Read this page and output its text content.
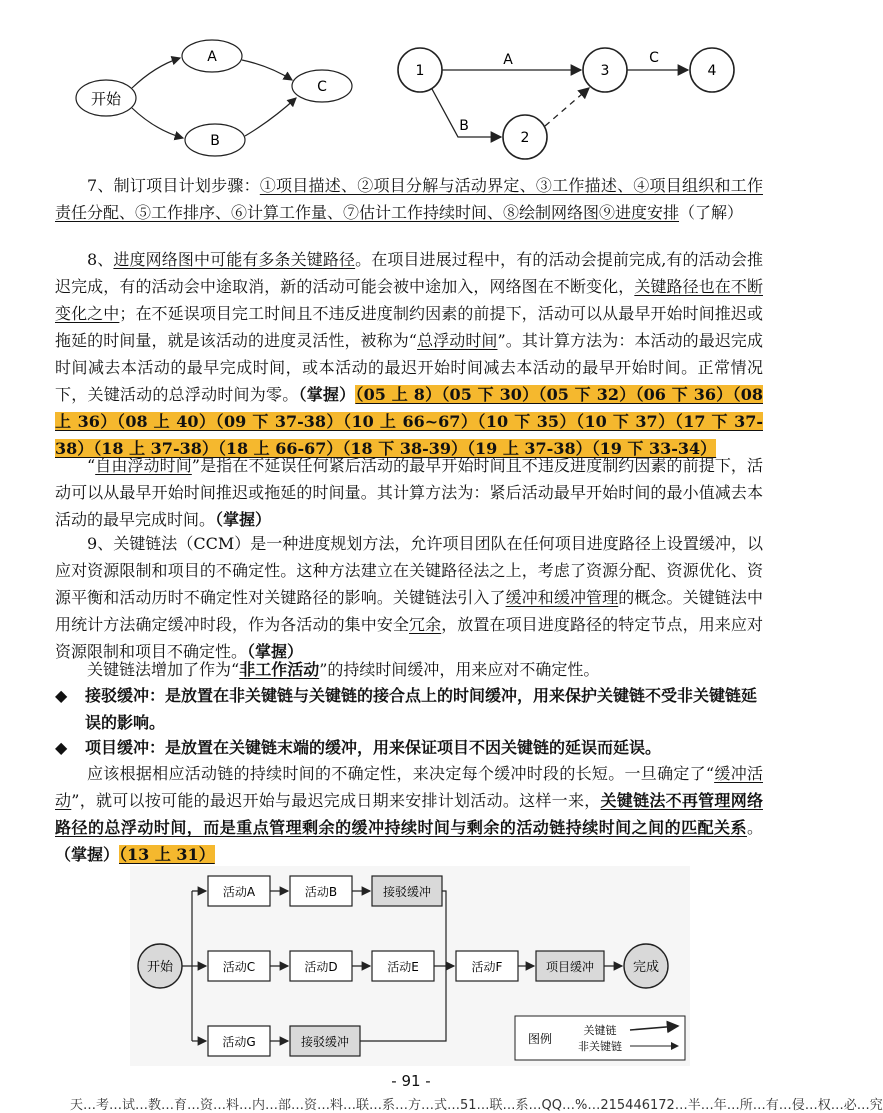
开始
A
B
C
1	3	4
2
A	C
B
7、制订项目计划步骤：①项目描述、②项目分解与活动界定、③工作描述、④项目组织和工作责任分配、⑤工作排序、⑥计算工作量、⑦估计工作持续时间、⑧绘制网络图⑨进度安排（了解）
8、进度网络图中可能有多条关键路径。在项目进展过程中，有的活动会提前完成,有的活动会推迟完成，有的活动会中途取消，新的活动可能会被中途加入，网络图在不断变化，关键路径也在不断变化之中；在不延误项目完工时间且不违反进度制约因素的前提下，活动可以从最早开始时间推迟或拖延的时间量，就是该活动的进度灵活性，被称为“总浮动时间”。其计算方法为：本活动的最迟完成时间减去本活动的最早完成时间，或本活动的最迟开始时间减去本活动的最早开始时间。正常情况下，关键活动的总浮动时间为零。（掌握）（05 上 8）（05 下 30）（05 下 32）（06 下 36）（08 上 36）（08 上 40）（09 下 37-38）（10 上 66~67）（10 下 35）（10 下 37）（17 下 37-38）（18 上 37-38）（18 上 66-67）（18 下 38-39）（19 上 37-38）（19 下 33-34）
“自由浮动时间”是指在不延误任何紧后活动的最早开始时间且不违反进度制约因素的前提下，活动可以从最早开始时间推迟或拖延的时间量。其计算方法为：紧后活动最早开始时间的最小值减去本活动的最早完成时间。（掌握）
9、关键链法（CCM）是一种进度规划方法，允许项目团队在任何项目进度路径上设置缓冲，以应对资源限制和项目的不确定性。这种方法建立在关键路径法之上，考虑了资源分配、资源优化、资源平衡和活动历时不确定性对关键路径的影响。关键链法引入了缓冲和缓冲管理的概念。关键链法中用统计方法确定缓冲时段，作为各活动的集中安全冗余，放置在项目进度路径的特定节点，用来应对资源限制和项目不确定性。（掌握）
关键链法增加了作为“非工作活动”的持续时间缓冲，用来应对不确定性。
◆	接驳缓冲：是放置在非关键链与关键链的接合点上的时间缓冲，用来保护关键链不受非关键链延误的影响。
◆	项目缓冲：是放置在关键链末端的缓冲，用来保证项目不因关键链的延误而延误。
应该根据相应活动链的持续时间的不确定性，来决定每个缓冲时段的长短。一旦确定了“缓冲活动”，就可以按可能的最迟开始与最迟完成日期来安排计划活动。这样一来，关键链法不再管理网络路径的总浮动时间，而是重点管理剩余的缓冲持续时间与剩余的活动链持续时间之间的匹配关系。（掌握）（13 上 31）
开始	完成
活动A	活动B	接驳缓冲
活动C	活动D	活动E	活动F	项目缓冲
活动G	接驳缓冲	图例
关键链
非关键链
- 91 -
天…考…试…教…育…资…料…内…部…资…料…联…系…方…式…51…联…系…QQ…%…215446172…半…年…所…有…侵…权…必…究
